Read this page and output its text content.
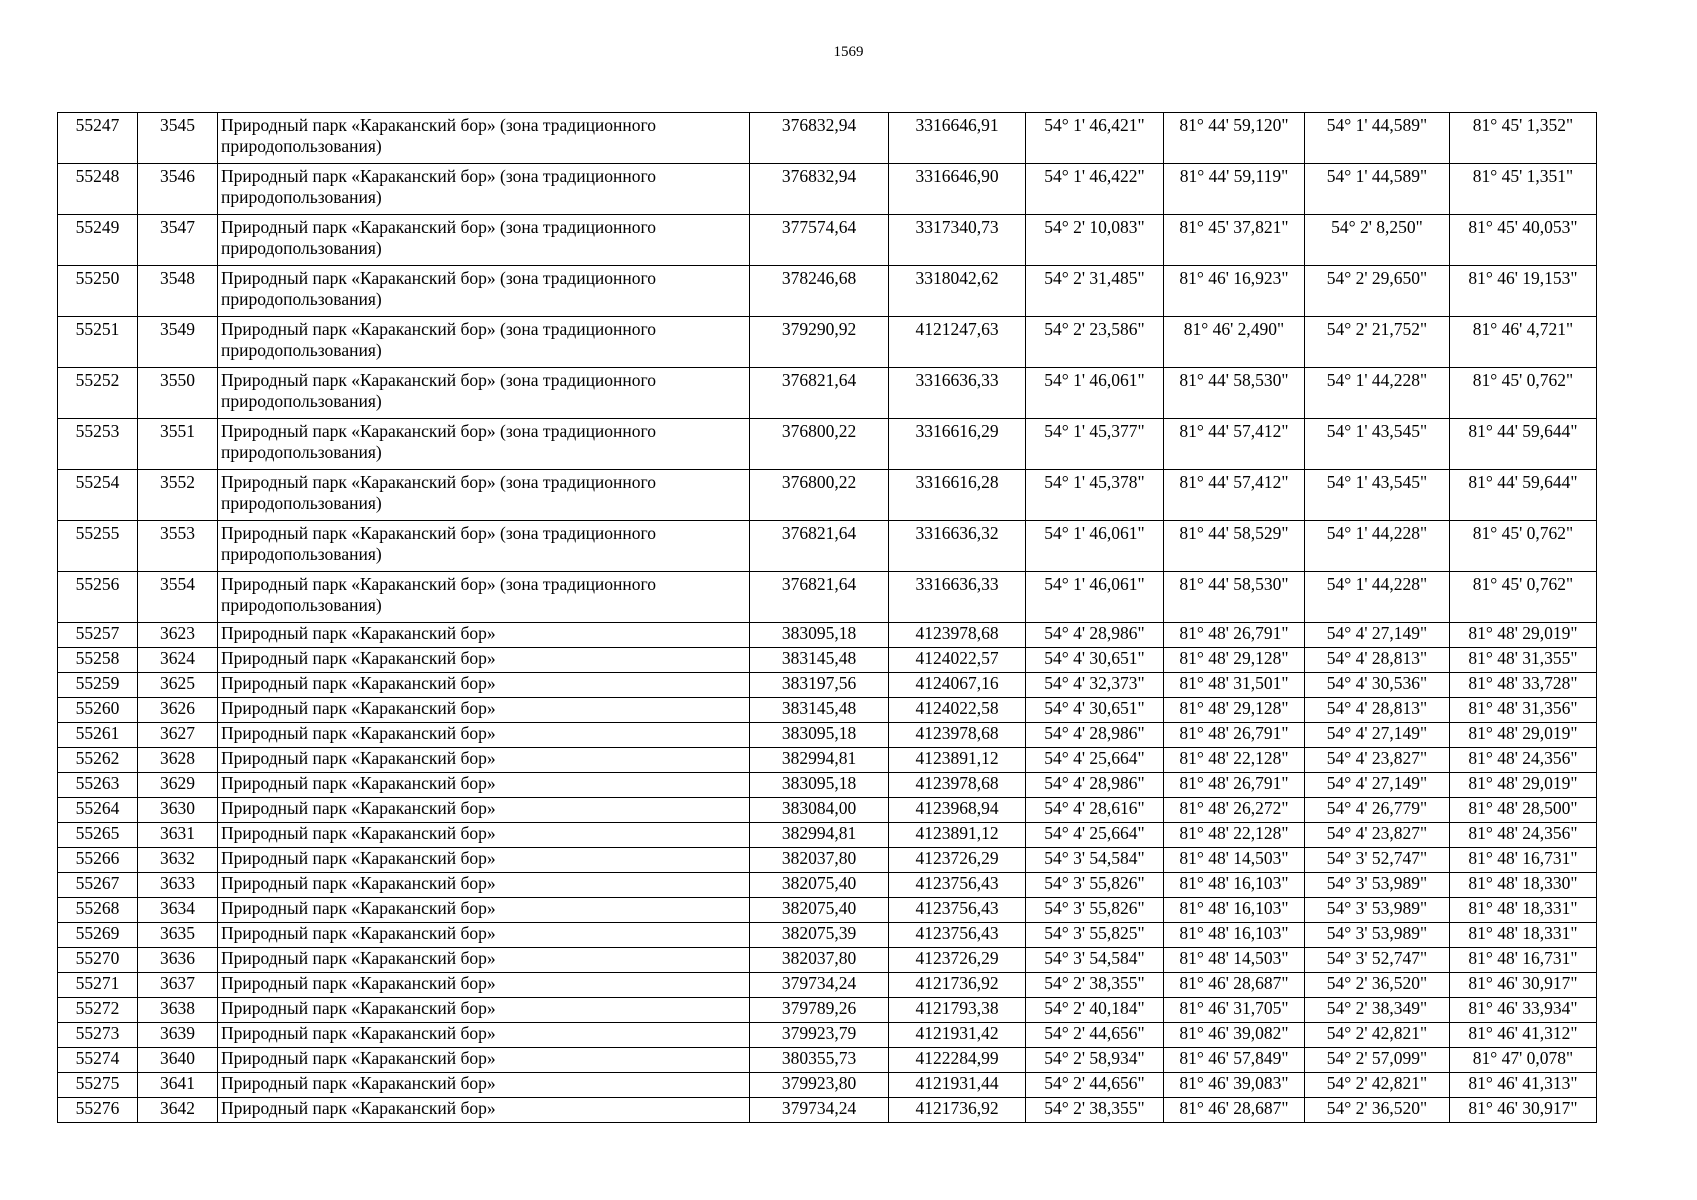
1569
55247	3545	Природный парк «Караканский бор» (зона традиционного природопользования)	376832,94	3316646,91	54° 1' 46,421"	81° 44' 59,120"	54° 1' 44,589"	81° 45' 1,352"
55248	3546	Природный парк «Караканский бор» (зона традиционного природопользования)	376832,94	3316646,90	54° 1' 46,422"	81° 44' 59,119"	54° 1' 44,589"	81° 45' 1,351"
55249	3547	Природный парк «Караканский бор» (зона традиционного природопользования)	377574,64	3317340,73	54° 2' 10,083"	81° 45' 37,821"	54° 2' 8,250"	81° 45' 40,053"
55250	3548	Природный парк «Караканский бор» (зона традиционного природопользования)	378246,68	3318042,62	54° 2' 31,485"	81° 46' 16,923"	54° 2' 29,650"	81° 46' 19,153"
55251	3549	Природный парк «Караканский бор» (зона традиционного природопользования)	379290,92	4121247,63	54° 2' 23,586"	81° 46' 2,490"	54° 2' 21,752"	81° 46' 4,721"
55252	3550	Природный парк «Караканский бор» (зона традиционного природопользования)	376821,64	3316636,33	54° 1' 46,061"	81° 44' 58,530"	54° 1' 44,228"	81° 45' 0,762"
55253	3551	Природный парк «Караканский бор» (зона традиционного природопользования)	376800,22	3316616,29	54° 1' 45,377"	81° 44' 57,412"	54° 1' 43,545"	81° 44' 59,644"
55254	3552	Природный парк «Караканский бор» (зона традиционного природопользования)	376800,22	3316616,28	54° 1' 45,378"	81° 44' 57,412"	54° 1' 43,545"	81° 44' 59,644"
55255	3553	Природный парк «Караканский бор» (зона традиционного природопользования)	376821,64	3316636,32	54° 1' 46,061"	81° 44' 58,529"	54° 1' 44,228"	81° 45' 0,762"
55256	3554	Природный парк «Караканский бор» (зона традиционного природопользования)	376821,64	3316636,33	54° 1' 46,061"	81° 44' 58,530"	54° 1' 44,228"	81° 45' 0,762"
55257	3623	Природный парк «Караканский бор»	383095,18	4123978,68	54° 4' 28,986"	81° 48' 26,791"	54° 4' 27,149"	81° 48' 29,019"
55258	3624	Природный парк «Караканский бор»	383145,48	4124022,57	54° 4' 30,651"	81° 48' 29,128"	54° 4' 28,813"	81° 48' 31,355"
55259	3625	Природный парк «Караканский бор»	383197,56	4124067,16	54° 4' 32,373"	81° 48' 31,501"	54° 4' 30,536"	81° 48' 33,728"
55260	3626	Природный парк «Караканский бор»	383145,48	4124022,58	54° 4' 30,651"	81° 48' 29,128"	54° 4' 28,813"	81° 48' 31,356"
55261	3627	Природный парк «Караканский бор»	383095,18	4123978,68	54° 4' 28,986"	81° 48' 26,791"	54° 4' 27,149"	81° 48' 29,019"
55262	3628	Природный парк «Караканский бор»	382994,81	4123891,12	54° 4' 25,664"	81° 48' 22,128"	54° 4' 23,827"	81° 48' 24,356"
55263	3629	Природный парк «Караканский бор»	383095,18	4123978,68	54° 4' 28,986"	81° 48' 26,791"	54° 4' 27,149"	81° 48' 29,019"
55264	3630	Природный парк «Караканский бор»	383084,00	4123968,94	54° 4' 28,616"	81° 48' 26,272"	54° 4' 26,779"	81° 48' 28,500"
55265	3631	Природный парк «Караканский бор»	382994,81	4123891,12	54° 4' 25,664"	81° 48' 22,128"	54° 4' 23,827"	81° 48' 24,356"
55266	3632	Природный парк «Караканский бор»	382037,80	4123726,29	54° 3' 54,584"	81° 48' 14,503"	54° 3' 52,747"	81° 48' 16,731"
55267	3633	Природный парк «Караканский бор»	382075,40	4123756,43	54° 3' 55,826"	81° 48' 16,103"	54° 3' 53,989"	81° 48' 18,330"
55268	3634	Природный парк «Караканский бор»	382075,40	4123756,43	54° 3' 55,826"	81° 48' 16,103"	54° 3' 53,989"	81° 48' 18,331"
55269	3635	Природный парк «Караканский бор»	382075,39	4123756,43	54° 3' 55,825"	81° 48' 16,103"	54° 3' 53,989"	81° 48' 18,331"
55270	3636	Природный парк «Караканский бор»	382037,80	4123726,29	54° 3' 54,584"	81° 48' 14,503"	54° 3' 52,747"	81° 48' 16,731"
55271	3637	Природный парк «Караканский бор»	379734,24	4121736,92	54° 2' 38,355"	81° 46' 28,687"	54° 2' 36,520"	81° 46' 30,917"
55272	3638	Природный парк «Караканский бор»	379789,26	4121793,38	54° 2' 40,184"	81° 46' 31,705"	54° 2' 38,349"	81° 46' 33,934"
55273	3639	Природный парк «Караканский бор»	379923,79	4121931,42	54° 2' 44,656"	81° 46' 39,082"	54° 2' 42,821"	81° 46' 41,312"
55274	3640	Природный парк «Караканский бор»	380355,73	4122284,99	54° 2' 58,934"	81° 46' 57,849"	54° 2' 57,099"	81° 47' 0,078"
55275	3641	Природный парк «Караканский бор»	379923,80	4121931,44	54° 2' 44,656"	81° 46' 39,083"	54° 2' 42,821"	81° 46' 41,313"
55276	3642	Природный парк «Караканский бор»	379734,24	4121736,92	54° 2' 38,355"	81° 46' 28,687"	54° 2' 36,520"	81° 46' 30,917"
